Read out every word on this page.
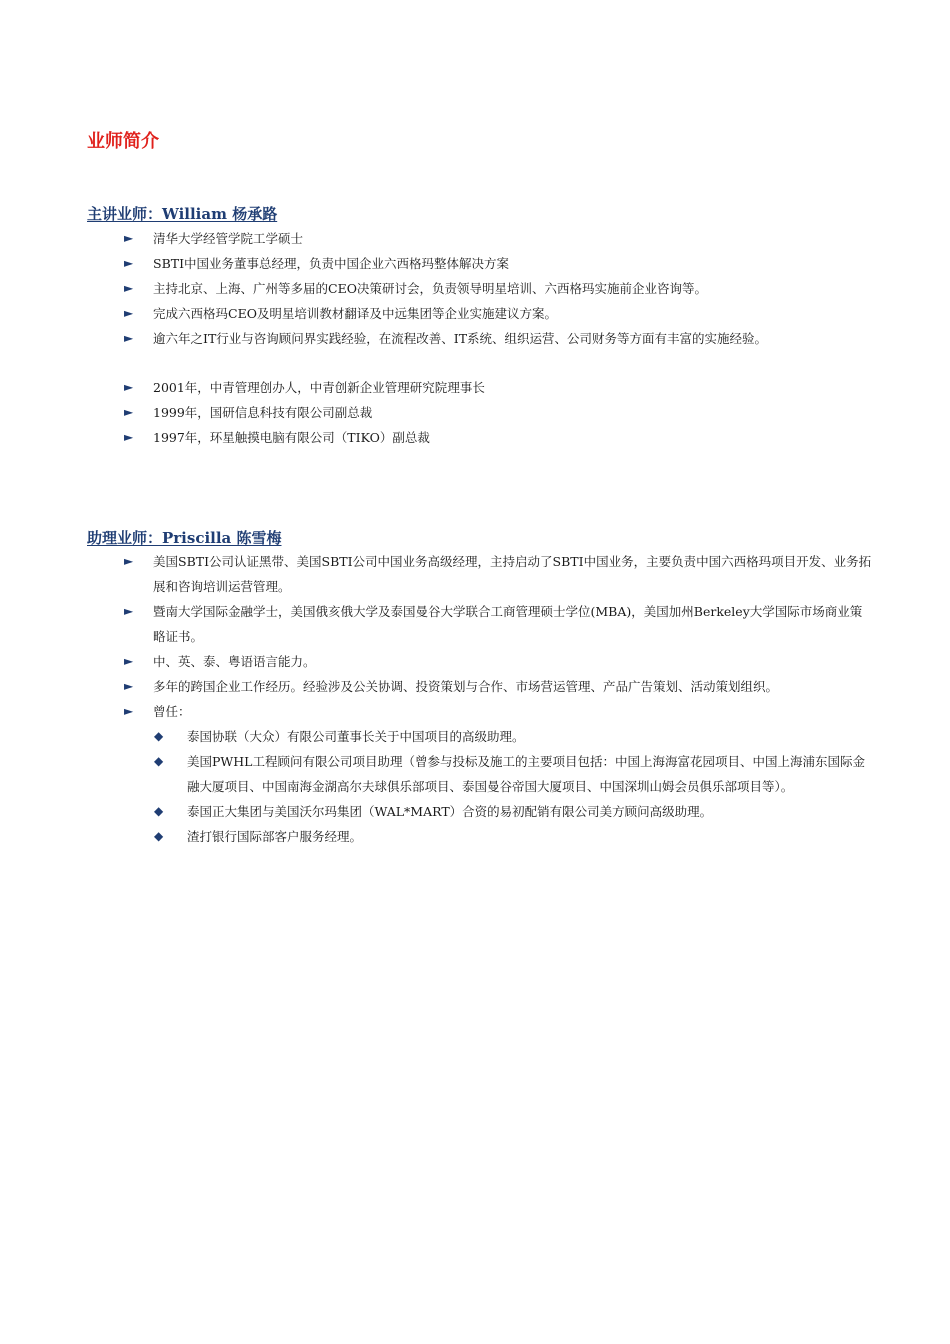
业师简介
主讲业师：William 杨承路
► 清华大学经管学院工学硕士
► SBTI中国业务董事总经理，负责中国企业六西格玛整体解决方案
► 主持北京、上海、广州等多届的CEO决策研讨会，负责领导明星培训、六西格玛实施前企业咨询等。
► 完成六西格玛CEO及明星培训教材翻译及中远集团等企业实施建议方案。
► 逾六年之IT行业与咨询顾问界实践经验，在流程改善、IT系统、组织运营、公司财务等方面有丰富的实施经验。
► 2001年，中青管理创办人，中青创新企业管理研究院理事长
► 1999年，国研信息科技有限公司副总裁
► 1997年，环星触摸电脑有限公司（TIKO）副总裁
助理业师：Priscilla 陈雪梅
► 美国SBTI公司认证黑带、美国SBTI公司中国业务高级经理，主持启动了SBTI中国业务，主要负责中国六西格玛项目开发、业务拓展和咨询培训运营管理。
► 暨南大学国际金融学士，美国俄亥俄大学及泰国曼谷大学联合工商管理硕士学位(MBA)，美国加州Berkeley大学国际市场商业策略证书。
► 中、英、泰、粤语语言能力。
► 多年的跨国企业工作经历。经验涉及公关协调、投资策划与合作、市场营运管理、产品广告策划、活动策划组织。
► 曾任：
◆ 泰国协联（大众）有限公司董事长关于中国项目的高级助理。
◆ 美国PWHL工程顾问有限公司项目助理（曾参与投标及施工的主要项目包括：中国上海海富花园项目、中国上海浦东国际金融大厦项目、中国南海金湖高尔夫球俱乐部项目、泰国曼谷帝国大厦项目、中国深圳山姆会员俱乐部项目等）。
◆ 泰国正大集团与美国沃尔玛集团（WAL*MART）合资的易初配销有限公司美方顾问高级助理。
◆ 渣打银行国际部客户服务经理。
